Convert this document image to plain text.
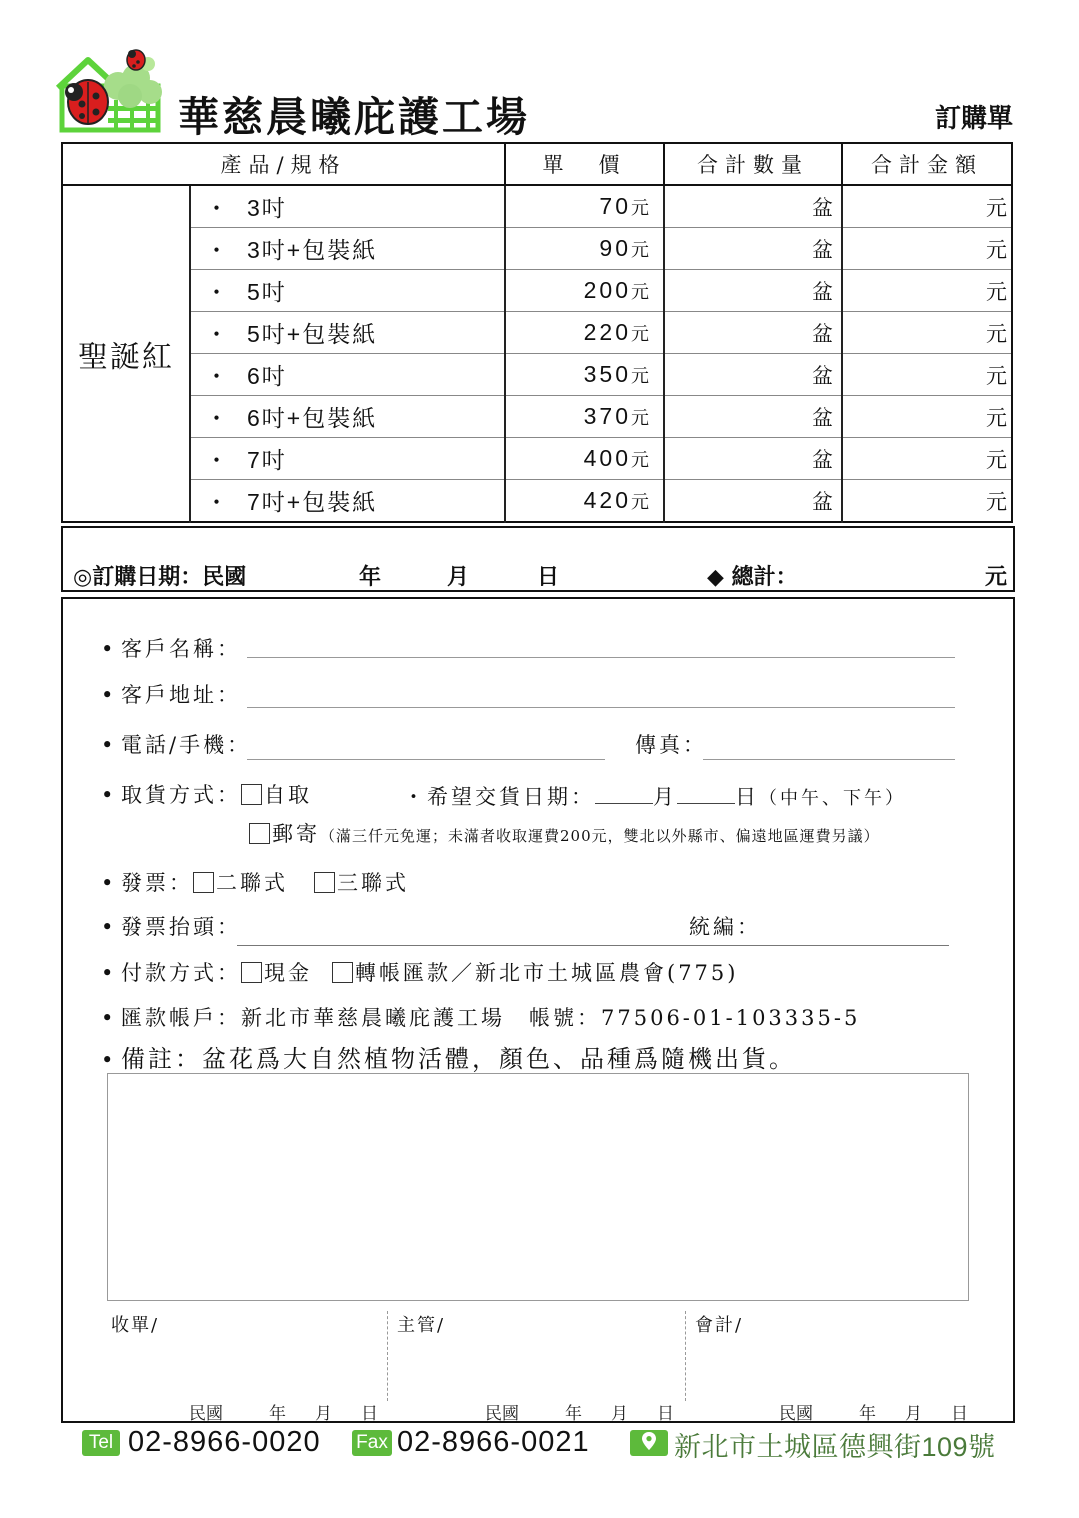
華慈晨曦庇護工場	訂購單
產品/規格		單　價	合計數量	合計金額
聖誕紅	・ 3吋	70元	盆	元
	・ 3吋+包裝紙	90元	盆	元
	・ 5吋	200元	盆	元
	・ 5吋+包裝紙	220元	盆	元
	・ 6吋	350元	盆	元
	・ 6吋+包裝紙	370元	盆	元
	・ 7吋	400元	盆	元
	・ 7吋+包裝紙	420元	盆	元
◎訂購日期：民國	年	月	日	◆ 總計：	元
• 客戶名稱：
• 客戶地址：
• 電話/手機：	傳真：
• 取貨方式： 自取	・希望交貨日期：	月	日（中午、下午）
郵寄（滿三仟元免運；未滿者收取運費200元，雙北以外縣市、偏遠地區運費另議）
• 發票： 二聯式 三聯式
• 發票抬頭：	統編：
• 付款方式： 現金 轉帳匯款／新北市土城區農會(775)
• 匯款帳戶：新北市華慈晨曦庇護工場　帳號：77506-01-103335-5
• 備註：盆花爲大自然植物活體，顏色、品種爲隨機出貨。
收單/	主管/	會計/
民國	年 月 日	民國	年 月 日	民國	年 月 日
Tel 02-8966-0020 Fax 02-8966-0021	新北市土城區德興街109號
